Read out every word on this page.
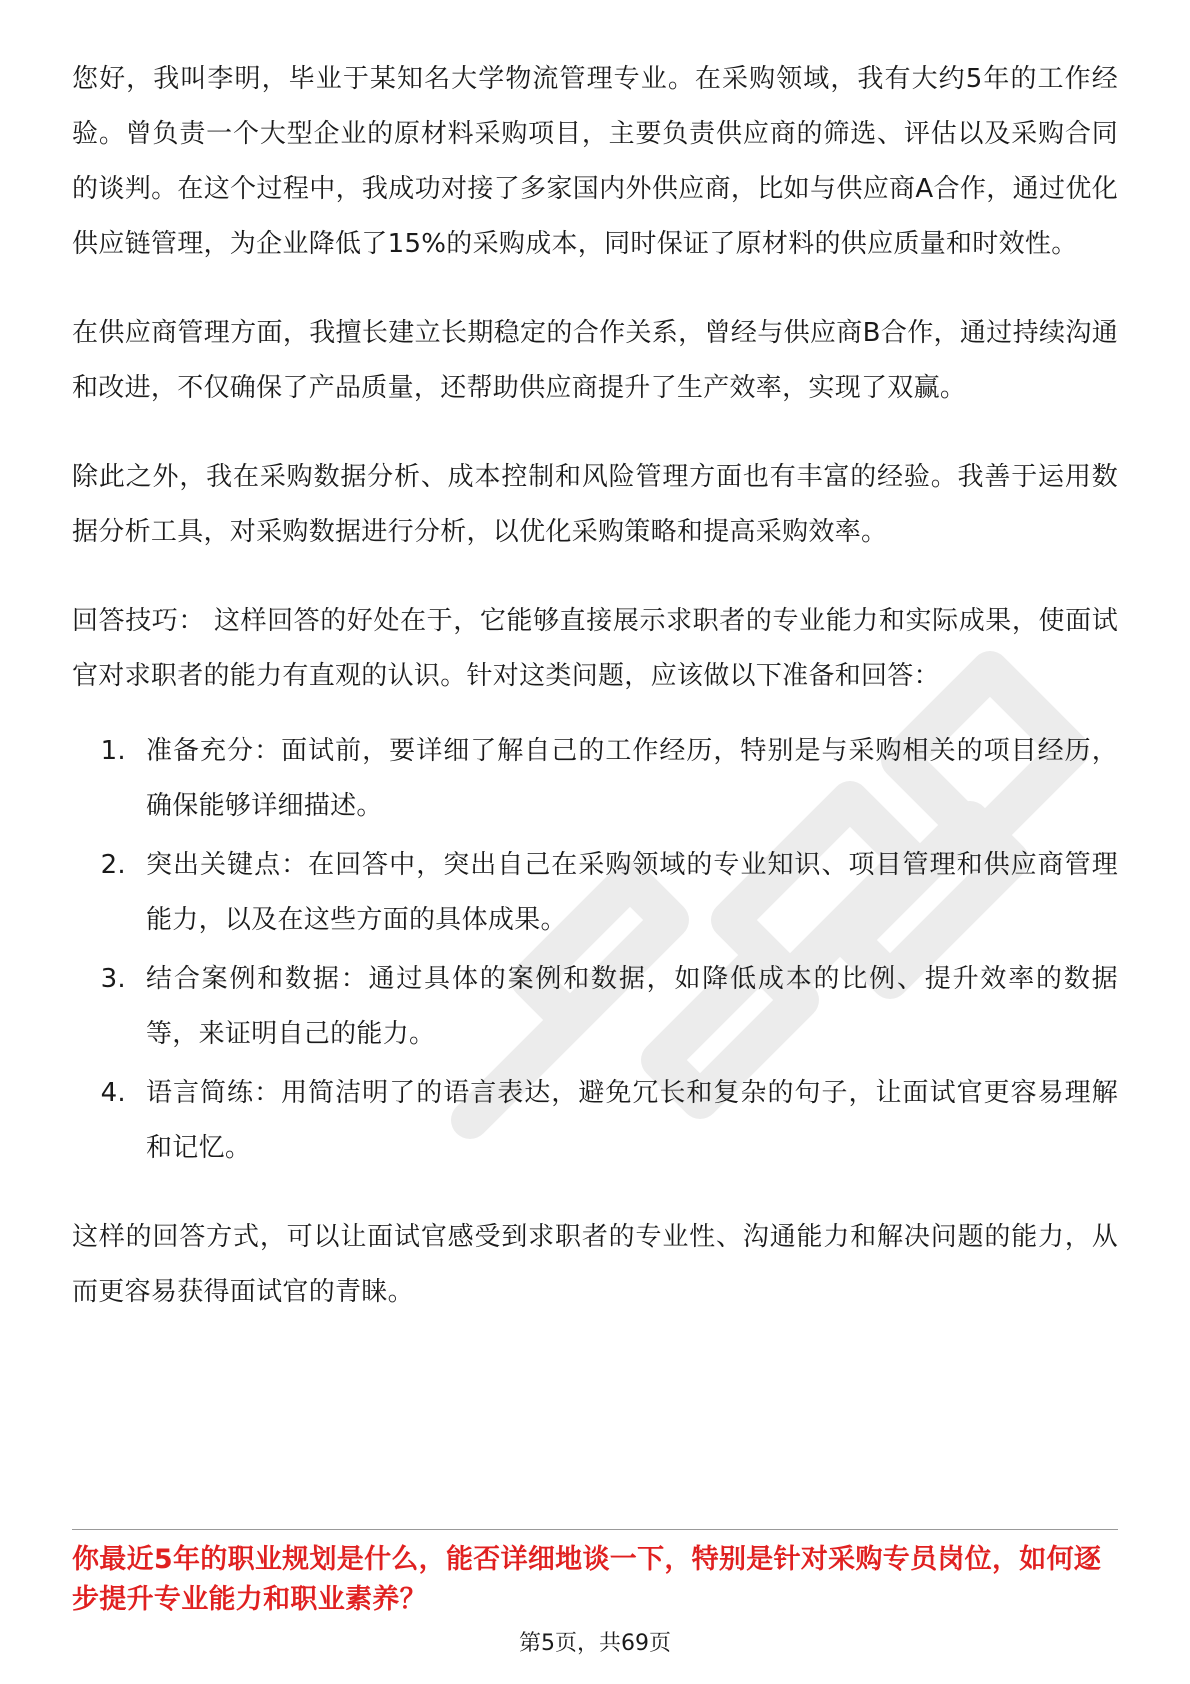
您好，我叫李明，毕业于某知名大学物流管理专业。在采购领域，我有大约5年的工作经验。曾负责一个大型企业的原材料采购项目，主要负责供应商的筛选、评估以及采购合同的谈判。在这个过程中，我成功对接了多家国内外供应商，比如与供应商A合作，通过优化供应链管理，为企业降低了15%的采购成本，同时保证了原材料的供应质量和时效性。

在供应商管理方面，我擅长建立长期稳定的合作关系，曾经与供应商B合作，通过持续沟通和改进，不仅确保了产品质量，还帮助供应商提升了生产效率，实现了双赢。

除此之外，我在采购数据分析、成本控制和风险管理方面也有丰富的经验。我善于运用数据分析工具，对采购数据进行分析，以优化采购策略和提高采购效率。

回答技巧： 这样回答的好处在于，它能够直接展示求职者的专业能力和实际成果，使面试官对求职者的能力有直观的认识。针对这类问题，应该做以下准备和回答：

1. 准备充分：面试前，要详细了解自己的工作经历，特别是与采购相关的项目经历，确保能够详细描述。
2. 突出关键点：在回答中，突出自己在采购领域的专业知识、项目管理和供应商管理能力，以及在这些方面的具体成果。
3. 结合案例和数据：通过具体的案例和数据，如降低成本的比例、提升效率的数据等，来证明自己的能力。
4. 语言简练：用简洁明了的语言表达，避免冗长和复杂的句子，让面试官更容易理解和记忆。

这样的回答方式，可以让面试官感受到求职者的专业性、沟通能力和解决问题的能力，从而更容易获得面试官的青睐。

你最近5年的职业规划是什么，能否详细地谈一下，特别是针对采购专员岗位，如何逐步提升专业能力和职业素养？
第5页，共69页
